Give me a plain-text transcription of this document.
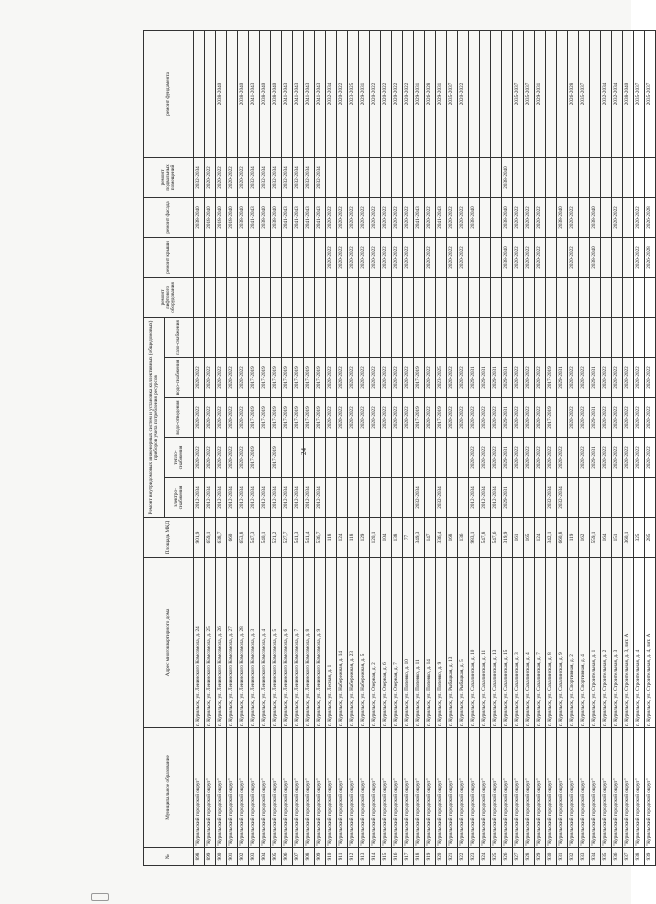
24
№	Муниципальное образование	Адрес многоквартирного дома	Площадь МКД	Ремонт внутридомовых инженерных систем и установка коллективных (общедомовых) приборов учета потребления ресурсов					ремонт лифтового оборудования	ремонт крыши	ремонт фасада	ремонт подвальных помещений	ремонт фундамента
				электро-снабжения	тепло-снабжения	водо-отведения	водо-снабжения	газо-снабжения					
898	"Курильский городской округ"	г. Курильск, ул. Ленинского Комсомола, д. 24	901,9	2012-2034	2020-2022	2020-2022	2020-2022				2038-2040	2032-2034	
899	"Курильский городской округ"	г. Курильск, ул. Ленинского Комсомола, д. 25	659,1	2012-2034	2020-2022	2020-2022	2020-2022				2018-2040	2020-2022	
900	"Курильский городской округ"	г. Курильск, ул. Ленинского Комсомола, д. 26	638,7	2012-2034	2020-2022	2020-2022	2020-2022				2018-2040	2020-2022	2038-2040
901	"Курильский городской округ"	г. Курильск, ул. Ленинского Комсомола, д. 27	660	2012-2034	2020-2022	2020-2022	2020-2022				2018-2040	2020-2022	
902	"Курильский городской округ"	г. Курильск, ул. Ленинского Комсомола, д. 28	653,8	2012-2034	2020-2022	2020-2022	2020-2022				2038-2040	2020-2022	2038-2040
903	"Курильский городской округ"	г. Курильск, ул. Ленинского Комсомола, д. 3	547,3	2012-2034	2017-2019	2017-2019	2017-2019				2041-2043	2032-2034	2041-2043
904	"Курильский городской округ"	г. Курильск, ул. Ленинского Комсомола, д. 4	540,1	2012-2034		2017-2019	2017-2019				2038-2040	2032-2034	2038-2040
905	"Курильский городской округ"	г. Курильск, ул. Ленинского Комсомола, д. 5	521,2	2012-2034	2017-2019	2017-2019	2017-2019				2038-2040	2032-2034	2038-2040
906	"Курильский городской округ"	г. Курильск, ул. Ленинского Комсомола, д. 6	527,7	2012-2034		2017-2019	2017-2019				2041-2043	2032-2034	2041-2043
907	"Курильский городской округ"	г. Курильск, ул. Ленинского Комсомола, д. 7	541,3	2012-2034		2017-2019	2017-2019				2041-2043	2032-2034	2041-2043
908	"Курильский городской округ"	г. Курильск, ул. Ленинского Комсомола, д. 8	541,4	2012-2034		2017-2019	2017-2019				2041-2043	2032-2034	2041-2043
909	"Курильский городской округ"	г. Курильск, ул. Ленинского Комсомола, д. 9	536,7	2012-2034		2017-2019	2017-2019				2041-2043	2032-2034	2041-2043
910	"Курильский городской округ"	г. Курильск, ул. Лесная, д. 1	118			2020-2022	2020-2022			2020-2022	2020-2022		2032-2034
911	"Курильский городской округ"	г. Курильск, ул. Набережная, д. 14	124			2020-2022	2020-2022			2020-2022	2020-2022		2020-2022
912	"Курильский городской округ"	г. Курильск, ул. Набережная, д. 23	118			2020-2022	2020-2022			2020-2022	2020-2022		2023-2025
913	"Курильский городской округ"	г. Курильск, ул. Набережная, д. 5	129			2020-2022	2020-2022			2020-2022	2020-2022		2029-2031
914	"Курильский городской округ"	г. Курильск, ул. Озерная, д. 2	120,1			2020-2022	2020-2022			2020-2022	2020-2022		2020-2022
915	"Курильский городской округ"	г. Курильск, ул. Озерная, д. 6	104			2020-2022	2020-2022			2020-2022	2020-2022		2020-2022
916	"Курильский городской округ"	г. Курильск, ул. Озерная, д. 7	138			2020-2022	2020-2022			2020-2022	2020-2022		2020-2022
917	"Курильский городской округ"	г. Курильск, ул. Попевко, д. 10	77			2020-2022	2020-2022			2020-2022	2020-2022		2020-2022
918	"Курильский городской округ"	г. Курильск, ул. Попевко, д. 11	349,3	2032-2034		2017-2019	2017-2019				2041-2043		2029-2031
919	"Курильский городской округ"	г. Курильск, ул. Попевко, д. 14	147			2020-2022	2020-2022			2020-2022	2020-2022		2026-2028
920	"Курильский городской округ"	г. Курильск, ул. Попевко, д. 9	336,4	2032-2034		2017-2019	2023-2025				2041-2043		2029-2031
921	"Курильский городской округ"	г. Курильск, ул. Рыбацкая, д. 13	168			2020-2022	2020-2022			2020-2022	2020-2022		2035-2037
922	"Курильский городской округ"	г. Курильск, ул. Рыбацкая, д. 5	136			2020-2022	2020-2022			2020-2022	2020-2022		2020-2022
923	"Курильский городской округ"	г. Курильск, ул. Сахалинская, д. 10	983,1	2012-2034	2020-2022	2020-2022	2029-2031				2038-2040		
924	"Курильский городской округ"	г. Курильск, ул. Сахалинская, д. 11	547,8	2012-2034	2020-2022	2020-2022	2029-2031						
925	"Курильский городской округ"	г. Курильск, ул. Сахалинская, д. 13	547,6	2012-2034	2020-2022	2020-2022	2029-2031						
926	"Курильский городской округ"	г. Курильск, ул. Сахалинская, д. 15	319,9	2029-2031	2029-2031	2029-2031	2029-2031			2038-2040	2038-2040	2038-2040	
927	"Курильский городской округ"	г. Курильск, ул. Сахалинская, д. 3	161		2020-2022	2020-2022	2020-2022			2020-2022	2020-2022		2035-2037
928	"Курильский городской округ"	г. Курильск, ул. Сахалинская, д. 4	165		2020-2022	2020-2022	2020-2022			2020-2022	2020-2022		2035-2037
929	"Курильский городской округ"	г. Курильск, ул. Сахалинская, д. 7	124		2020-2022	2020-2022	2020-2022			2020-2022	2020-2022		2029-2031
930	"Курильский городской округ"	г. Курильск, ул. Сахалинская, д. 8	342,1	2032-2034	2020-2022	2017-2019	2017-2019						
931	"Курильский городской округ"	г. Курильск, ул. Сахалинская, д. 9	660,8	2032-2034	2020-2022		2029-2031				2038-2040		
932	"Курильский городской округ"	г. Курильск, ул. Спортивная, д. 2	119			2020-2022	2020-2022			2020-2022	2020-2022		2026-2028
933	"Курильский городской округ"	г. Курильск, ул. Спортивная, д. 4	162		2020-2022	2020-2022	2020-2022						2035-2037
934	"Курильский городской округ"	г. Курильск, ул. Строительная, д. 1	559,1		2029-2031	2029-2031	2029-2031			2038-2040	2038-2040		
935	"Курильский городской округ"	г. Курильск, ул. Строительная, д. 2	164		2020-2022	2020-2022	2020-2022						2032-2034
936	"Курильский городской округ"	г. Курильск, ул. Строительная, д. 3	151		2020-2022	2020-2022	2020-2022				2020-2022		2032-2034
937	"Курильский городской округ"	г. Курильск, ул. Строительная, д. 3, лит. А	360,1		2020-2022	2020-2022	2020-2022						2038-2040
938	"Курильский городской округ"	г. Курильск, ул. Строительная, д. 4	325		2020-2022	2020-2022	2020-2022			2020-2022	2020-2022		2035-2037
939	"Курильский городской округ"	г. Курильск, ул. Строительная, д. 4, лит. А	285		2020-2022	2020-2022	2020-2022			2026-2028	2026-2028		2035-2037
